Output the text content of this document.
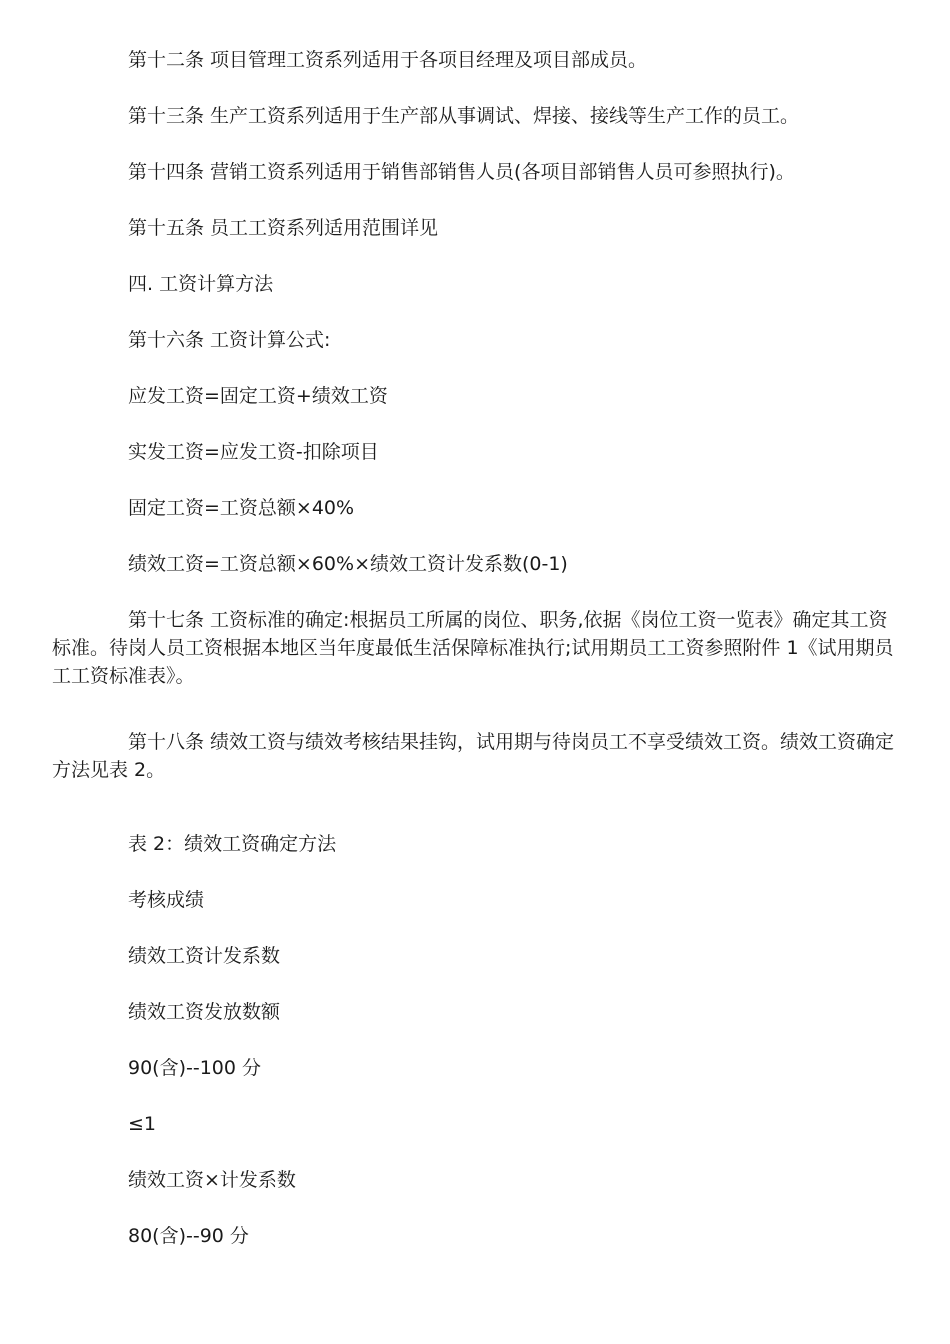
第十二条 项目管理工资系列适用于各项目经理及项目部成员。

第十三条 生产工资系列适用于生产部从事调试、焊接、接线等生产工作的员工。

第十四条 营销工资系列适用于销售部销售人员(各项目部销售人员可参照执行)。

第十五条 员工工资系列适用范围详见

四. 工资计算方法

第十六条 工资计算公式:

应发工资=固定工资+绩效工资

实发工资=应发工资-扣除项目

固定工资=工资总额×40%

绩效工资=工资总额×60%×绩效工资计发系数(0-1)

第十七条 工资标准的确定:根据员工所属的岗位、职务,依据《岗位工资一览表》确定其工资标准。待岗人员工资根据本地区当年度最低生活保障标准执行;试用期员工工资参照附件 1《试用期员工工资标准表》。

第十八条 绩效工资与绩效考核结果挂钩，试用期与待岗员工不享受绩效工资。绩效工资确定方法见表 2。

表 2：绩效工资确定方法

考核成绩

绩效工资计发系数

绩效工资发放数额

90(含)--100 分

≤1

绩效工资×计发系数

80(含)--90 分
